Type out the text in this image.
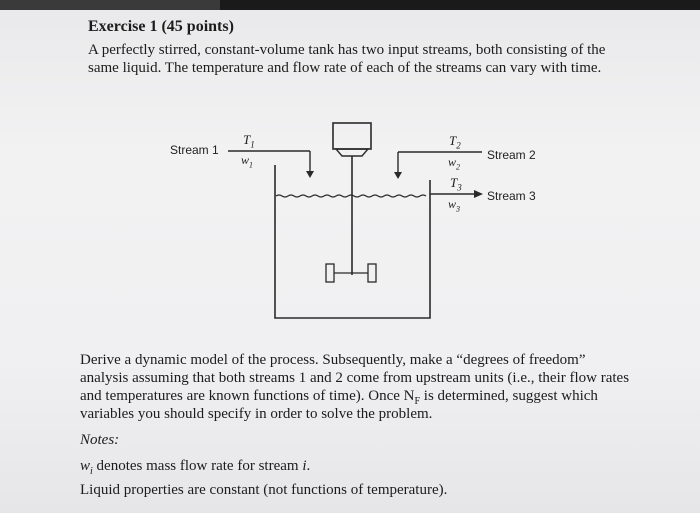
Exercise 1 (45 points)
A perfectly stirred, constant-volume tank has two input streams, both consisting of the
same liquid. The temperature and flow rate of each of the streams can vary with time.
Stream 1
$T_1$
$w_1$
$T_2$
$w_2$
Stream 2
$T_3$
$w_3$
Stream 3
Derive a dynamic model of the process. Subsequently, make a “degrees of freedom”
analysis assuming that both streams 1 and 2 come from upstream units (i.e., their flow rates
and temperatures are known functions of time). Once $N_F$ is determined, suggest which
variables you should specify in order to solve the problem.
Notes:
$w_i$ denotes mass flow rate for stream i.
Liquid properties are constant (not functions of temperature).
